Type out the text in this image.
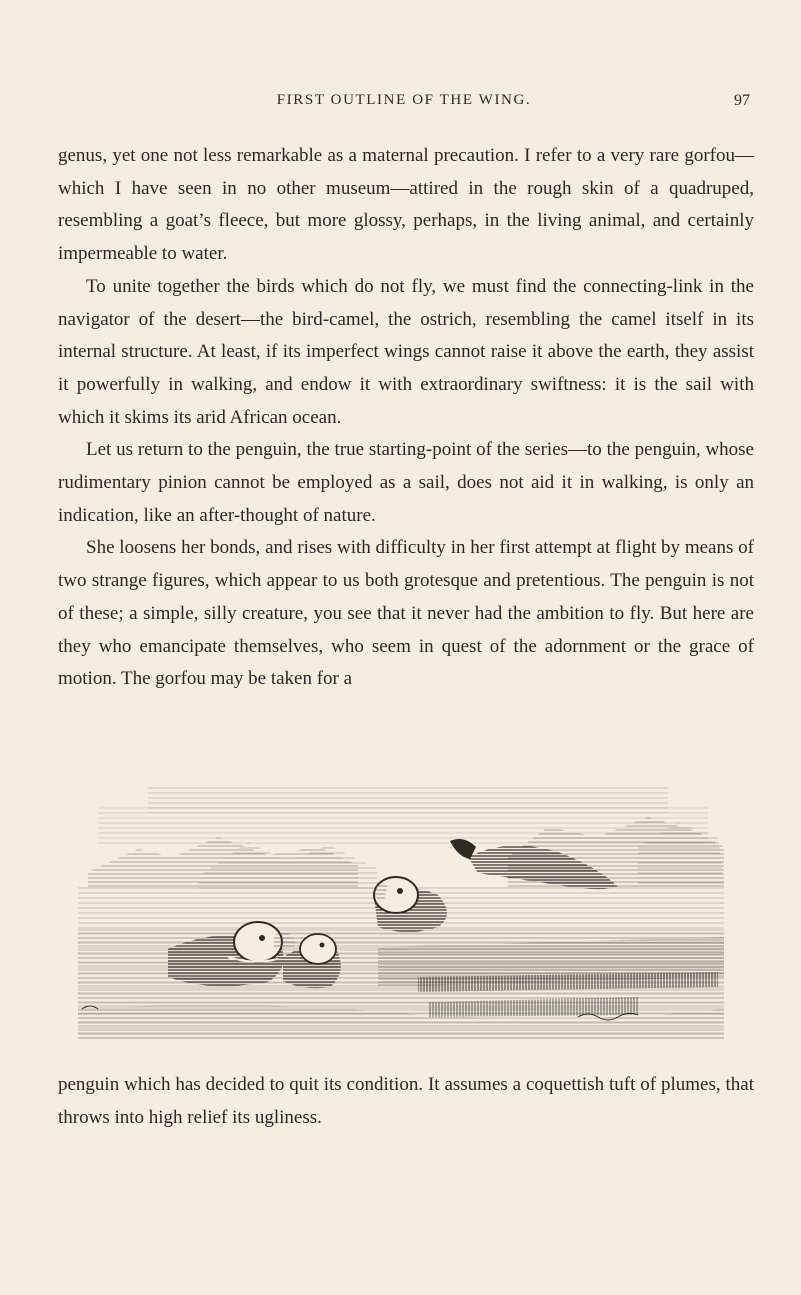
FIRST OUTLINE OF THE WING.	97

genus, yet one not less remarkable as a maternal precaution. I refer to a very rare gorfou—which I have seen in no other museum—attired in the rough skin of a quadruped, resembling a goat’s fleece, but more glossy, perhaps, in the living animal, and certainly impermeable to water.

To unite together the birds which do not fly, we must find the connecting-link in the navigator of the desert—the bird-camel, the ostrich, resembling the camel itself in its internal structure. At least, if its imperfect wings cannot raise it above the earth, they assist it powerfully in walking, and endow it with extraordinary swiftness: it is the sail with which it skims its arid African ocean.

Let us return to the penguin, the true starting-point of the series—to the penguin, whose rudimentary pinion cannot be employed as a sail, does not aid it in walking, is only an indication, like an after-thought of nature.

She loosens her bonds, and rises with difficulty in her first attempt at flight by means of two strange figures, which appear to us both grotesque and pretentious. The penguin is not of these; a simple, silly creature, you see that it never had the ambition to fly. But here are they who emancipate themselves, who seem in quest of the adornment or the grace of motion. The gorfou may be taken for a

penguin which has decided to quit its condition. It assumes a coquettish tuft of plumes, that throws into high relief its ugliness.
